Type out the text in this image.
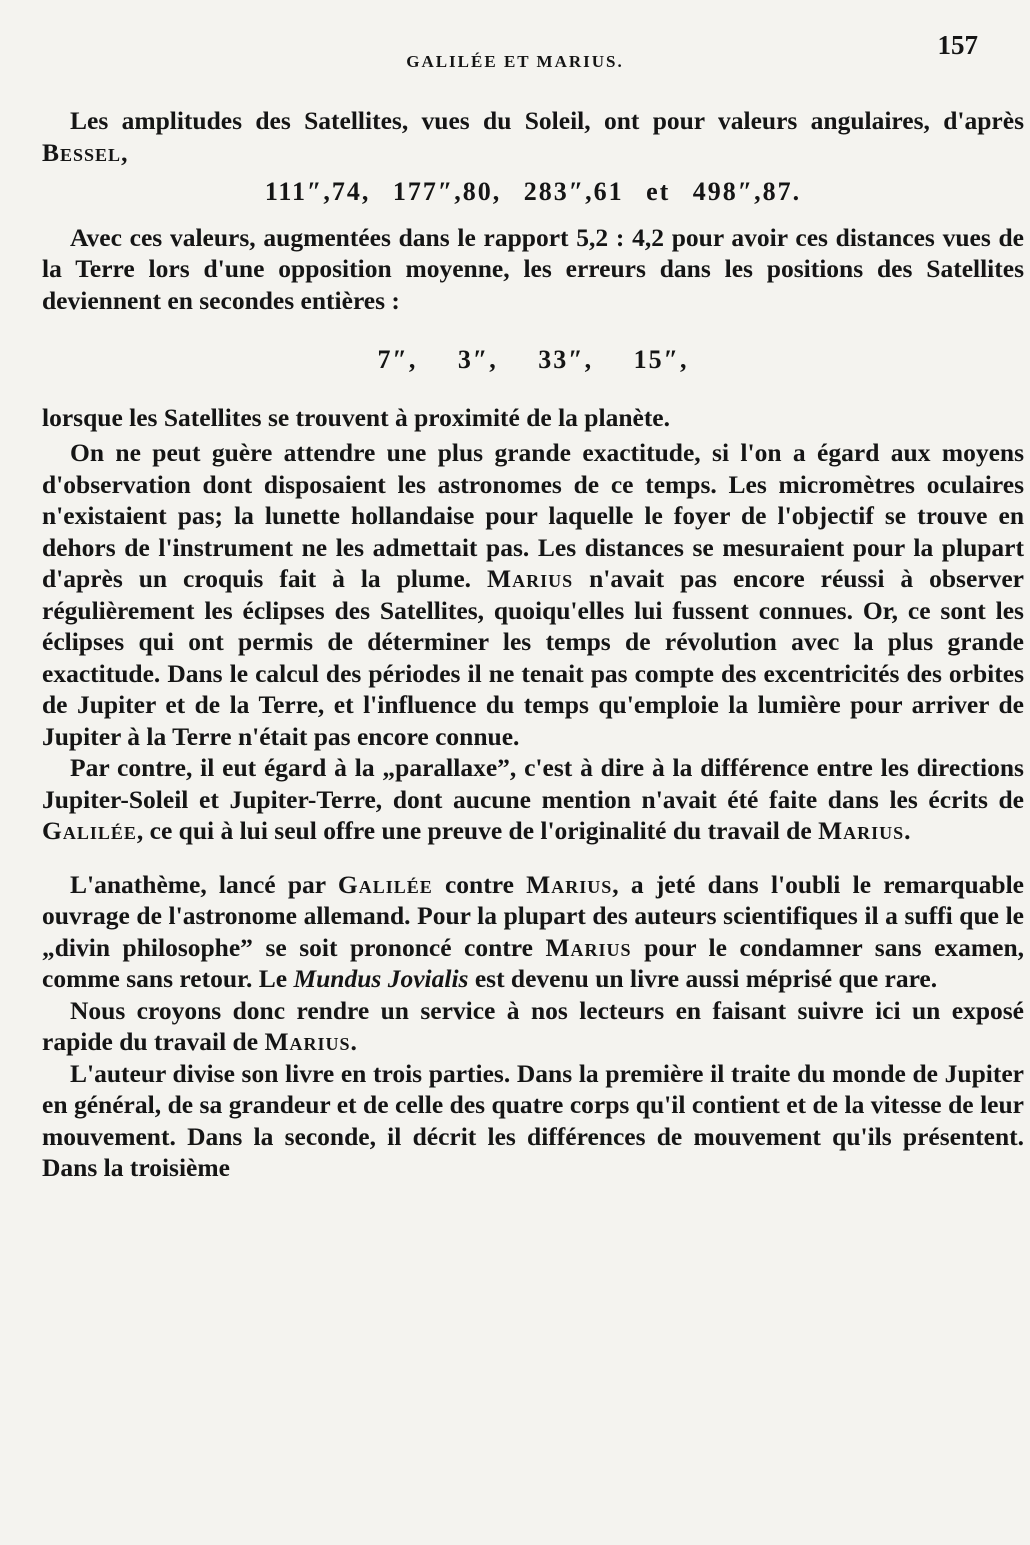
GALILÉE ET MARIUS.
157

Les amplitudes des Satellites, vues du Soleil, ont pour valeurs angulaires, d'après Bessel,

111″,74, 177″,80, 283″,61 et 498″,87.

Avec ces valeurs, augmentées dans le rapport 5,2 : 4,2 pour avoir ces distances vues de la Terre lors d'une opposition moyenne, les erreurs dans les positions des Satellites deviennent en secondes entières :

7″, 3″, 33″, 15″,

lorsque les Satellites se trouvent à proximité de la planète.

On ne peut guère attendre une plus grande exactitude, si l'on a égard aux moyens d'observation dont disposaient les astronomes de ce temps. Les micromètres oculaires n'existaient pas; la lunette hollandaise pour laquelle le foyer de l'objectif se trouve en dehors de l'instrument ne les admettait pas. Les distances se mesuraient pour la plupart d'après un croquis fait à la plume. Marius n'avait pas encore réussi à observer régulièrement les éclipses des Satellites, quoiqu'elles lui fussent connues. Or, ce sont les éclipses qui ont permis de déterminer les temps de révolution avec la plus grande exactitude. Dans le calcul des périodes il ne tenait pas compte des excentricités des orbites de Jupiter et de la Terre, et l'influence du temps qu'emploie la lumière pour arriver de Jupiter à la Terre n'était pas encore connue.

Par contre, il eut égard à la „parallaxe”, c'est à dire à la différence entre les directions Jupiter-Soleil et Jupiter-Terre, dont aucune mention n'avait été faite dans les écrits de Galilée, ce qui à lui seul offre une preuve de l'originalité du travail de Marius.

L'anathème, lancé par Galilée contre Marius, a jeté dans l'oubli le remarquable ouvrage de l'astronome allemand. Pour la plupart des auteurs scientifiques il a suffi que le „divin philosophe” se soit prononcé contre Marius pour le condamner sans examen, comme sans retour. Le Mundus Jovialis est devenu un livre aussi méprisé que rare.

Nous croyons donc rendre un service à nos lecteurs en faisant suivre ici un exposé rapide du travail de Marius.

L'auteur divise son livre en trois parties. Dans la première il traite du monde de Jupiter en général, de sa grandeur et de celle des quatre corps qu'il contient et de la vitesse de leur mouvement. Dans la seconde, il décrit les différences de mouvement qu'ils présentent. Dans la troisième
